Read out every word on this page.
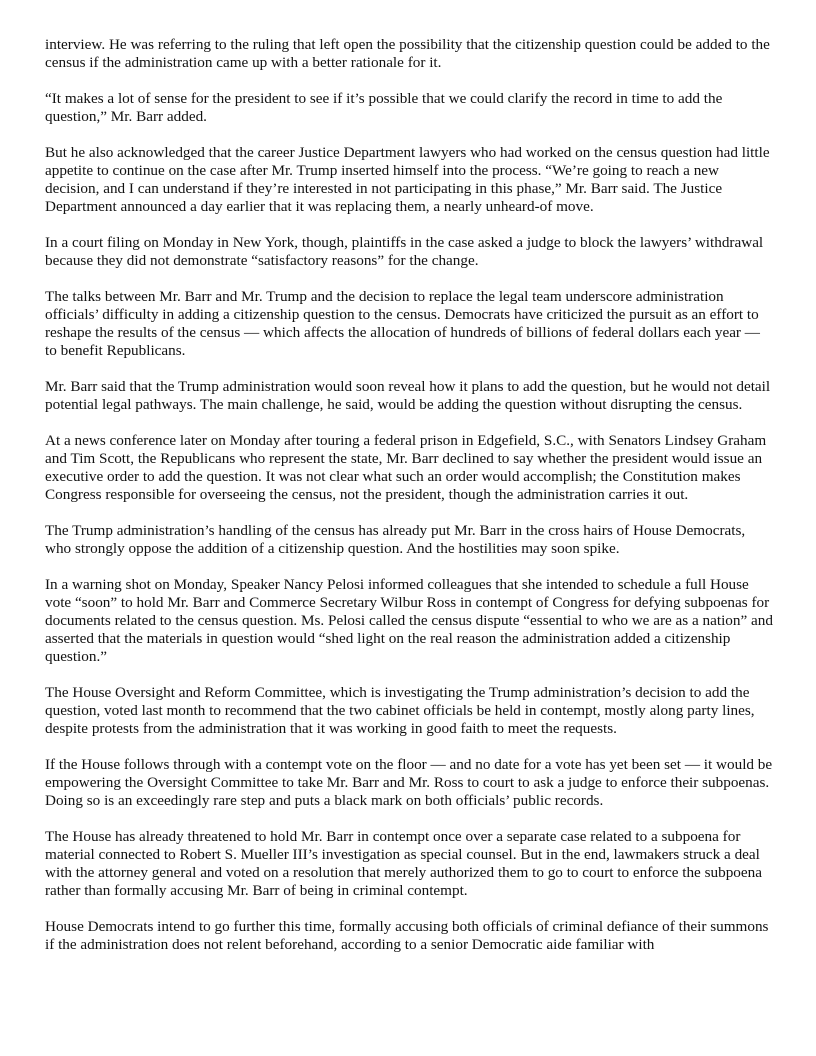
interview. He was referring to the ruling that left open the possibility that the citizenship question could be added to the census if the administration came up with a better rationale for it.

“It makes a lot of sense for the president to see if it’s possible that we could clarify the record in time to add the question,” Mr. Barr added.

But he also acknowledged that the career Justice Department lawyers who had worked on the census question had little appetite to continue on the case after Mr. Trump inserted himself into the process. “We’re going to reach a new decision, and I can understand if they’re interested in not participating in this phase,” Mr. Barr said. The Justice Department announced a day earlier that it was replacing them, a nearly unheard-of move.

In a court filing on Monday in New York, though, plaintiffs in the case asked a judge to block the lawyers’ withdrawal because they did not demonstrate “satisfactory reasons” for the change.

The talks between Mr. Barr and Mr. Trump and the decision to replace the legal team underscore administration officials’ difficulty in adding a citizenship question to the census. Democrats have criticized the pursuit as an effort to reshape the results of the census — which affects the allocation of hundreds of billions of federal dollars each year — to benefit Republicans.

Mr. Barr said that the Trump administration would soon reveal how it plans to add the question, but he would not detail potential legal pathways. The main challenge, he said, would be adding the question without disrupting the census.

At a news conference later on Monday after touring a federal prison in Edgefield, S.C., with Senators Lindsey Graham and Tim Scott, the Republicans who represent the state, Mr. Barr declined to say whether the president would issue an executive order to add the question. It was not clear what such an order would accomplish; the Constitution makes Congress responsible for overseeing the census, not the president, though the administration carries it out.

The Trump administration’s handling of the census has already put Mr. Barr in the cross hairs of House Democrats, who strongly oppose the addition of a citizenship question. And the hostilities may soon spike.

In a warning shot on Monday, Speaker Nancy Pelosi informed colleagues that she intended to schedule a full House vote “soon” to hold Mr. Barr and Commerce Secretary Wilbur Ross in contempt of Congress for defying subpoenas for documents related to the census question. Ms. Pelosi called the census dispute “essential to who we are as a nation” and asserted that the materials in question would “shed light on the real reason the administration added a citizenship question.”

The House Oversight and Reform Committee, which is investigating the Trump administration’s decision to add the question, voted last month to recommend that the two cabinet officials be held in contempt, mostly along party lines, despite protests from the administration that it was working in good faith to meet the requests.

If the House follows through with a contempt vote on the floor — and no date for a vote has yet been set — it would be empowering the Oversight Committee to take Mr. Barr and Mr. Ross to court to ask a judge to enforce their subpoenas. Doing so is an exceedingly rare step and puts a black mark on both officials’ public records.

The House has already threatened to hold Mr. Barr in contempt once over a separate case related to a subpoena for material connected to Robert S. Mueller III’s investigation as special counsel. But in the end, lawmakers struck a deal with the attorney general and voted on a resolution that merely authorized them to go to court to enforce the subpoena rather than formally accusing Mr. Barr of being in criminal contempt.

House Democrats intend to go further this time, formally accusing both officials of criminal defiance of their summons if the administration does not relent beforehand, according to a senior Democratic aide familiar with
